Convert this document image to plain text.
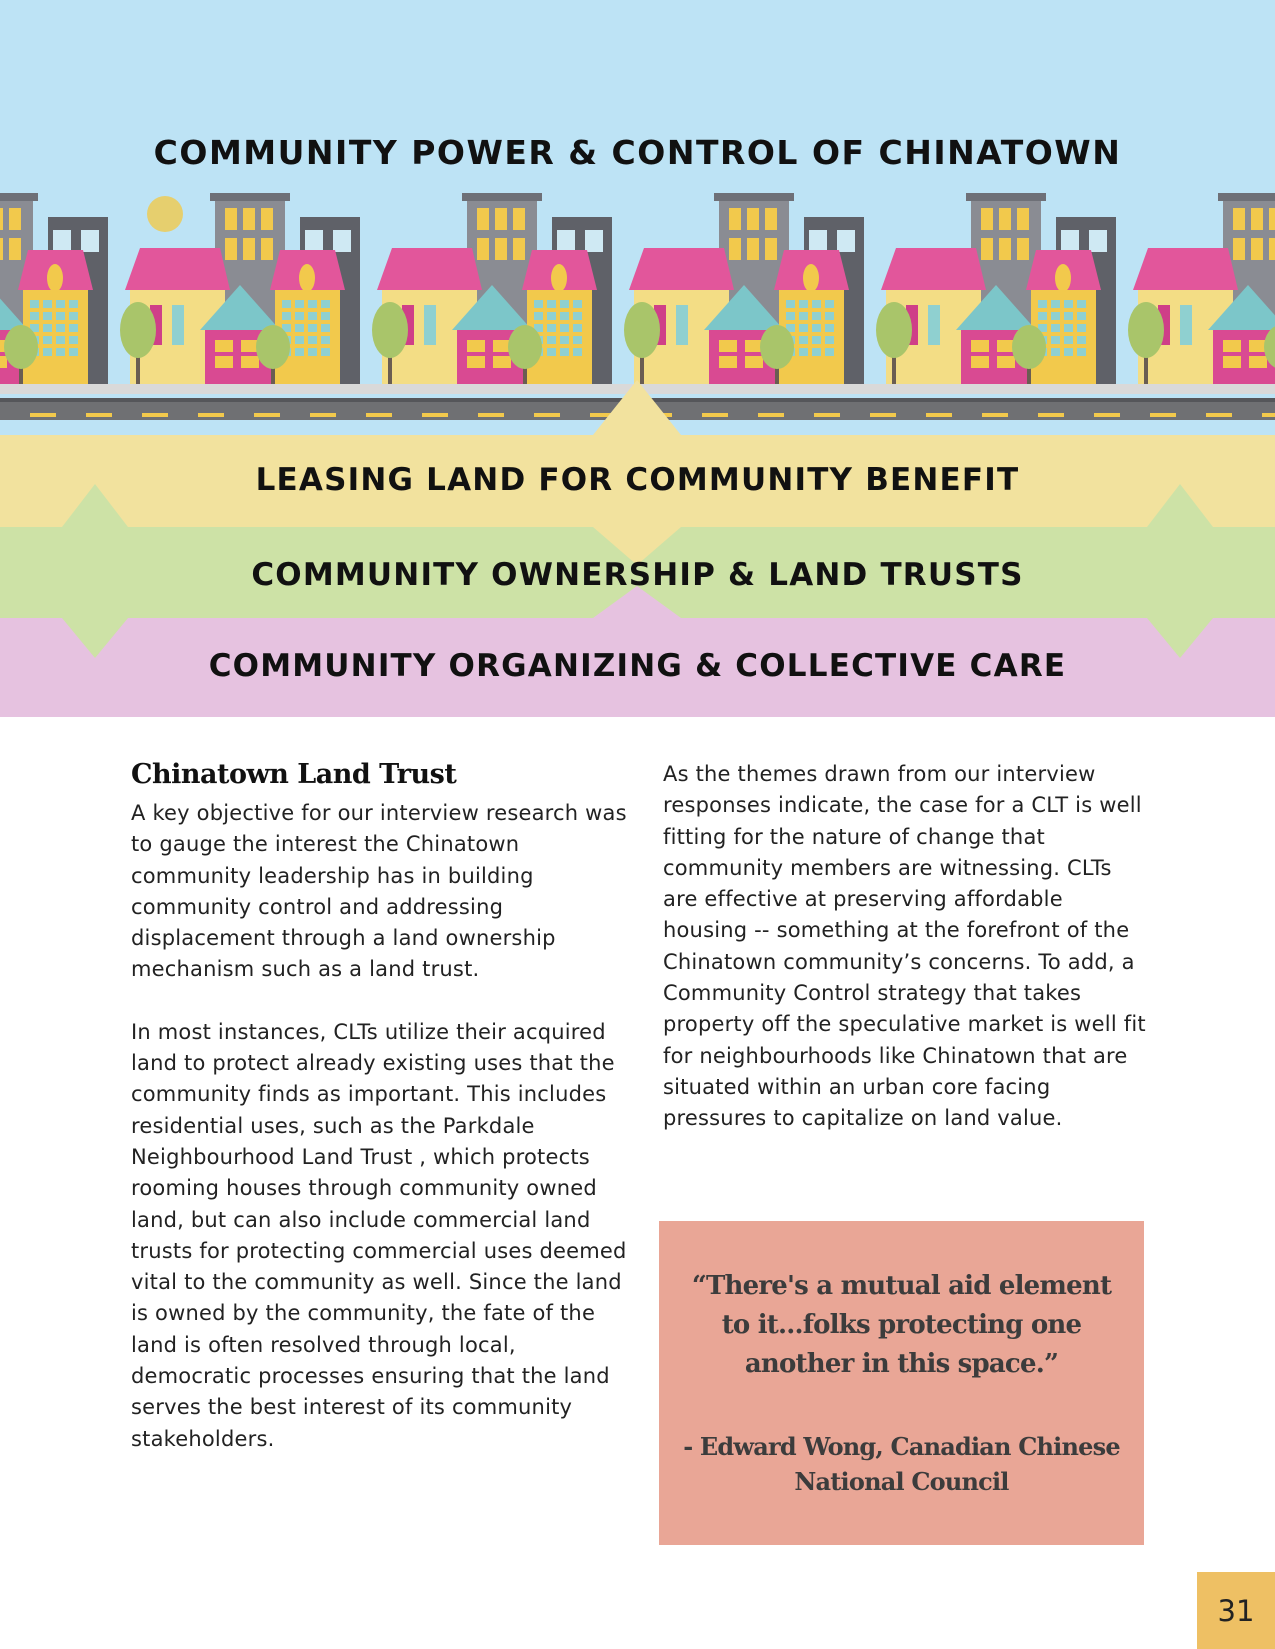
COMMUNITY POWER & CONTROL OF CHINATOWN
LEASING LAND FOR COMMUNITY BENEFIT
COMMUNITY OWNERSHIP & LAND TRUSTS
COMMUNITY ORGANIZING & COLLECTIVE CARE
Chinatown Land Trust

A key objective for our interview research was to gauge the interest the Chinatown community leadership has in building community control and addressing displacement through a land ownership mechanism such as a land trust.

In most instances, CLTs utilize their acquired land to protect already existing uses that the community finds as important. This includes residential uses, such as the Parkdale Neighbourhood Land Trust , which protects rooming houses through community owned land, but can also include commercial land trusts for protecting commercial uses deemed vital to the community as well. Since the land is owned by the community, the fate of the land is often resolved through local, democratic processes ensuring that the land serves the best interest of its community stakeholders.

As the themes drawn from our interview responses indicate, the case for a CLT is well fitting for the nature of change that community members are witnessing. CLTs are effective at preserving affordable housing -- something at the forefront of the Chinatown community’s concerns. To add, a Community Control strategy that takes property off the speculative market is well fit for neighbourhoods like Chinatown that are situated within an urban core facing pressures to capitalize on land value.

“There's a mutual aid element to it...folks protecting one another in this space.”

- Edward Wong, Canadian Chinese National Council

31
